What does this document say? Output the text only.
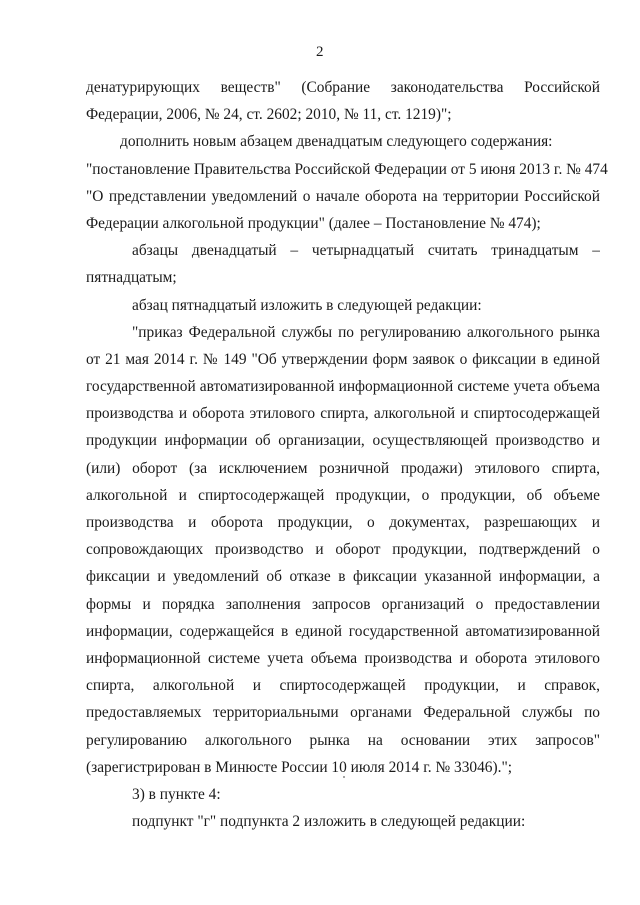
2
денатурирующих веществ" (Собрание законодательства Российской
Федерации, 2006, № 24, ст. 2602; 2010, № 11, ст. 1219)";
дополнить новым абзацем двенадцатым следующего содержания:
"постановление Правительства Российской Федерации от 5 июня 2013 г. № 474
"О представлении уведомлений о начале оборота на территории Российской
Федерации алкогольной продукции" (далее – Постановление № 474);
абзацы двенадцатый – четырнадцатый считать тринадцатым –
пятнадцатым;
абзац пятнадцатый изложить в следующей редакции:
"приказ Федеральной службы по регулированию алкогольного рынка
от 21 мая 2014 г. № 149 "Об утверждении форм заявок о фиксации в единой
государственной автоматизированной информационной системе учета объема
производства и оборота этилового спирта, алкогольной и спиртосодержащей
продукции информации об организации, осуществляющей производство и
(или) оборот (за исключением розничной продажи) этилового спирта,
алкогольной и спиртосодержащей продукции, о продукции, об объеме
производства и оборота продукции, о документах, разрешающих и
сопровождающих производство и оборот продукции, подтверждений о
фиксации и уведомлений об отказе в фиксации указанной информации, а
формы и порядка заполнения запросов организаций о предоставлении
информации, содержащейся в единой государственной автоматизированной
информационной системе учета объема производства и оборота этилового
спирта, алкогольной и спиртосодержащей продукции, и справок,
предоставляемых территориальными органами Федеральной службы по
регулированию алкогольного рынка на основании этих запросов"
(зарегистрирован в Минюсте России 10 июля 2014 г. № 33046).";
3) в пункте 4:
подпункт "г" подпункта 2 изложить в следующей редакции:
